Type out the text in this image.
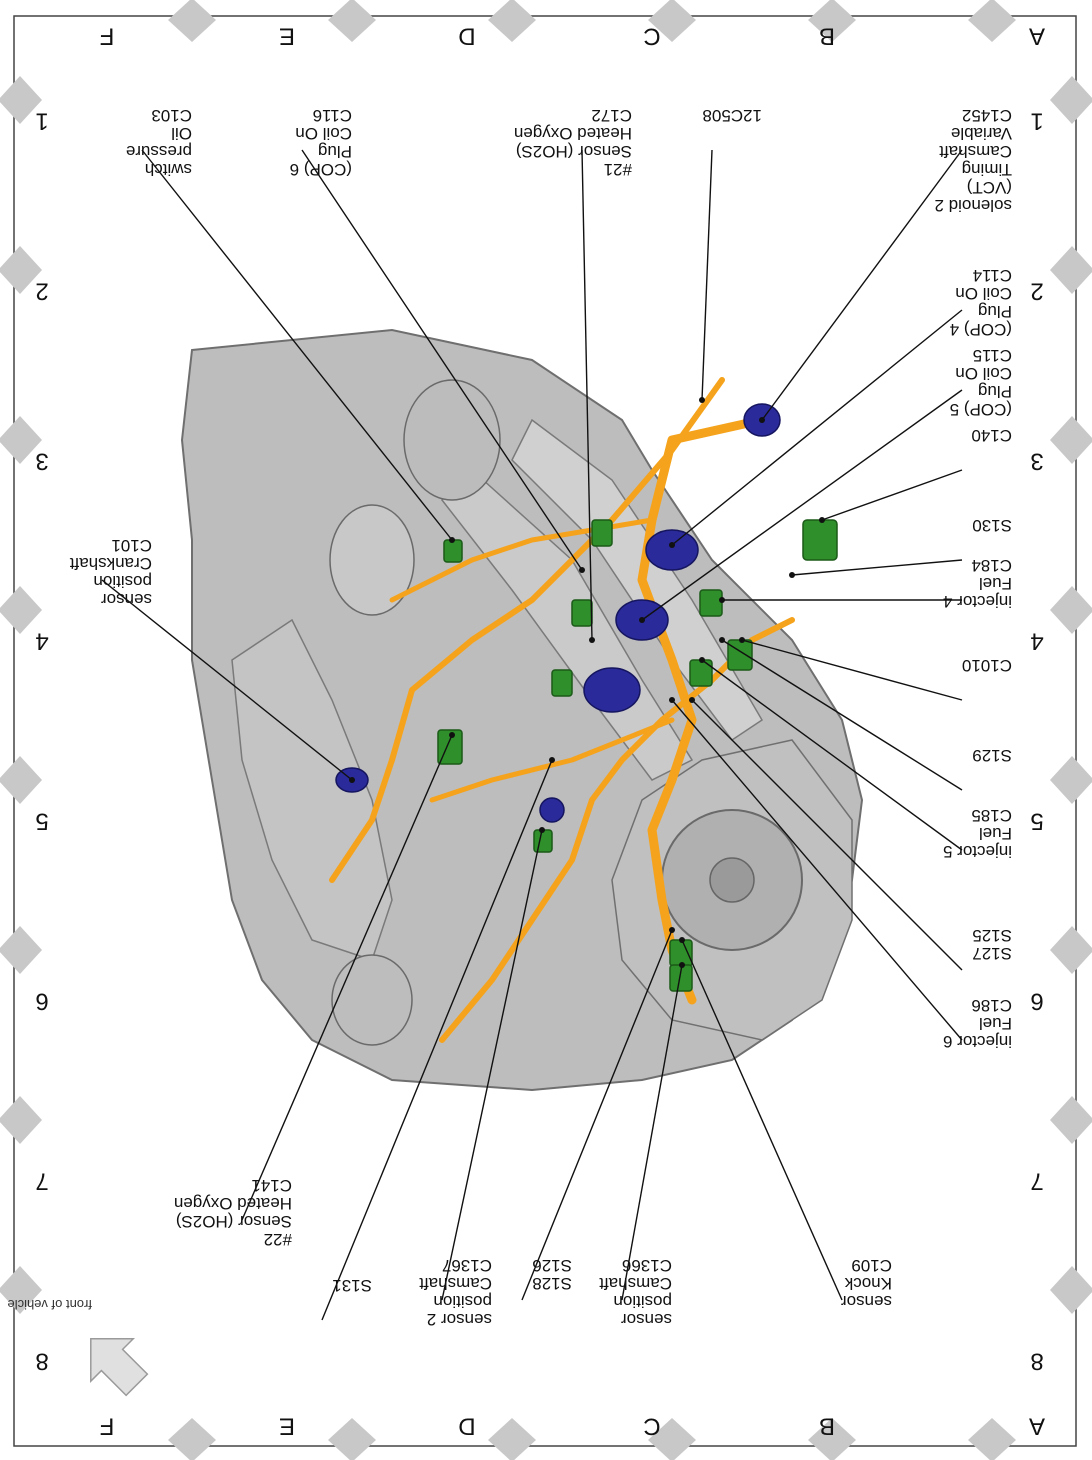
1
1
2
2
3
3
4
4
5
5
6
6
7
7
8
8
A
A
B
B
C
C
D
D
E
E
F
F
C1452
Variable
Camshaft
Timing
(VCT)
solenoid 2
C114
Coil On
Plug
(COP) 4
C115
Coil On
Plug
(COP) 5
C140
S130
C184
Fuel
injector 4
C1010
S129
C185
Fuel
injector 5
S125
S127
C186
Fuel
injector 6
C109
Knock
sensor
C1366
Camshaft
position
sensor
S126
S128
C1367
Camshaft
position
sensor 2
S131
C141
Heated Oxygen
Sensor (HO2S)
#22
C101
Crankshaft
position
sensor
C103
Oil
pressure
switch
C116
Coil On
Plug
(COP) 6
C172
Heated Oxygen
Sensor (HO2S)
#21
12C508
front of vehicle
